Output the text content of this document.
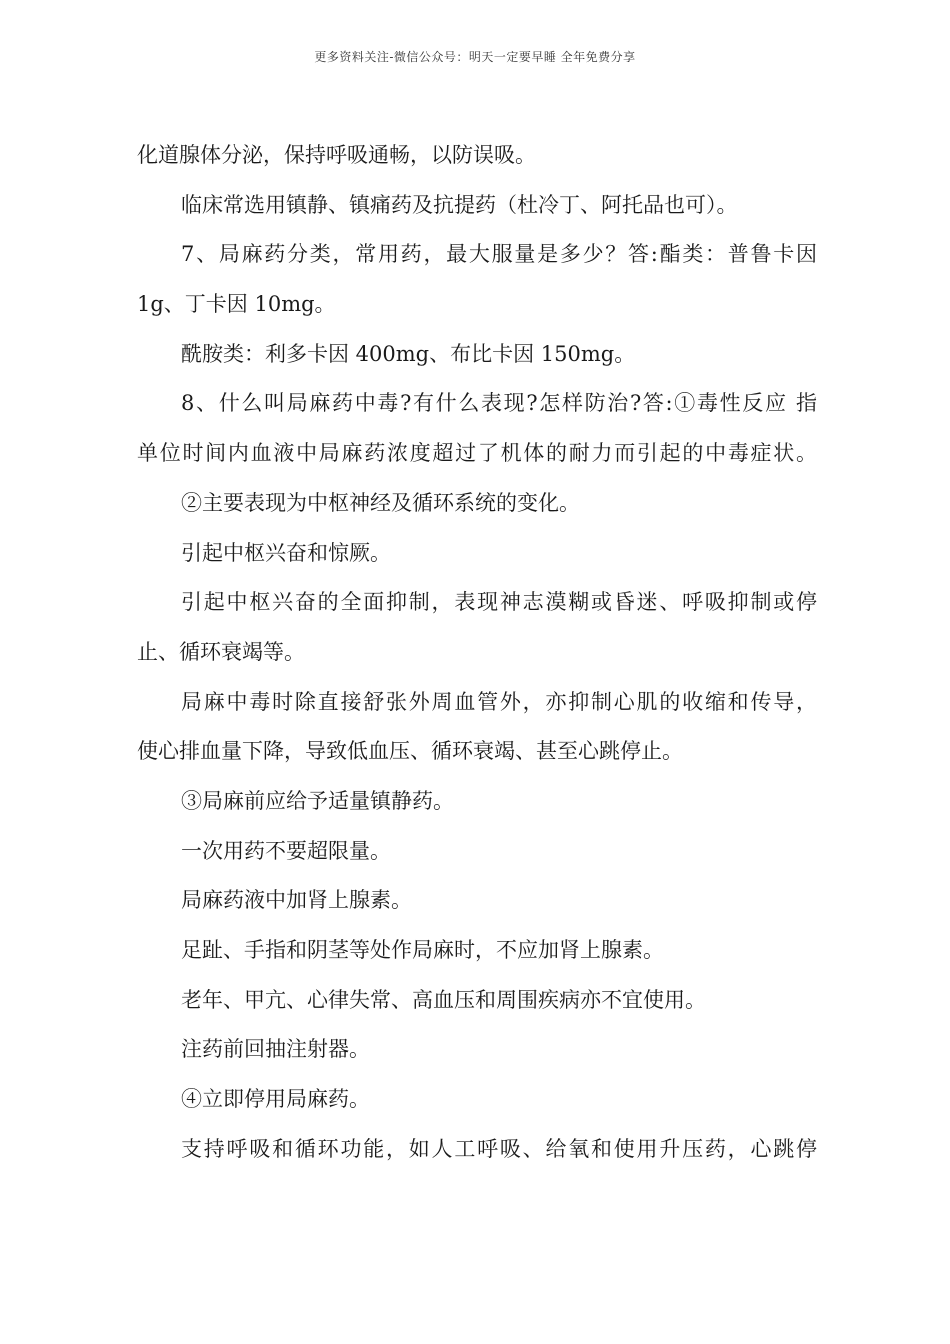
更多资料关注-微信公众号：明天一定要早睡 全年免费分享
化道腺体分泌，保持呼吸通畅，以防误吸。
临床常选用镇静、镇痛药及抗提药（杜冷丁、阿托品也可）。
7、局麻药分类，常用药，最大服量是多少？答:酯类：普鲁卡因
1g、丁卡因 10mg。
酰胺类：利多卡因 400mg、布比卡因 150mg。
8、什么叫局麻药中毒?有什么表现?怎样防治?答:①毒性反应 指
单位时间内血液中局麻药浓度超过了机体的耐力而引起的中毒症状。
②主要表现为中枢神经及循环系统的变化。
引起中枢兴奋和惊厥。
引起中枢兴奋的全面抑制，表现神志漠糊或昏迷、呼吸抑制或停
止、循环衰竭等。
局麻中毒时除直接舒张外周血管外，亦抑制心肌的收缩和传导，
使心排血量下降，导致低血压、循环衰竭、甚至心跳停止。
③局麻前应给予适量镇静药。
一次用药不要超限量。
局麻药液中加肾上腺素。
足趾、手指和阴茎等处作局麻时，不应加肾上腺素。
老年、甲亢、心律失常、高血压和周围疾病亦不宜使用。
注药前回抽注射器。
④立即停用局麻药。
支持呼吸和循环功能，如人工呼吸、给氧和使用升压药，心跳停
